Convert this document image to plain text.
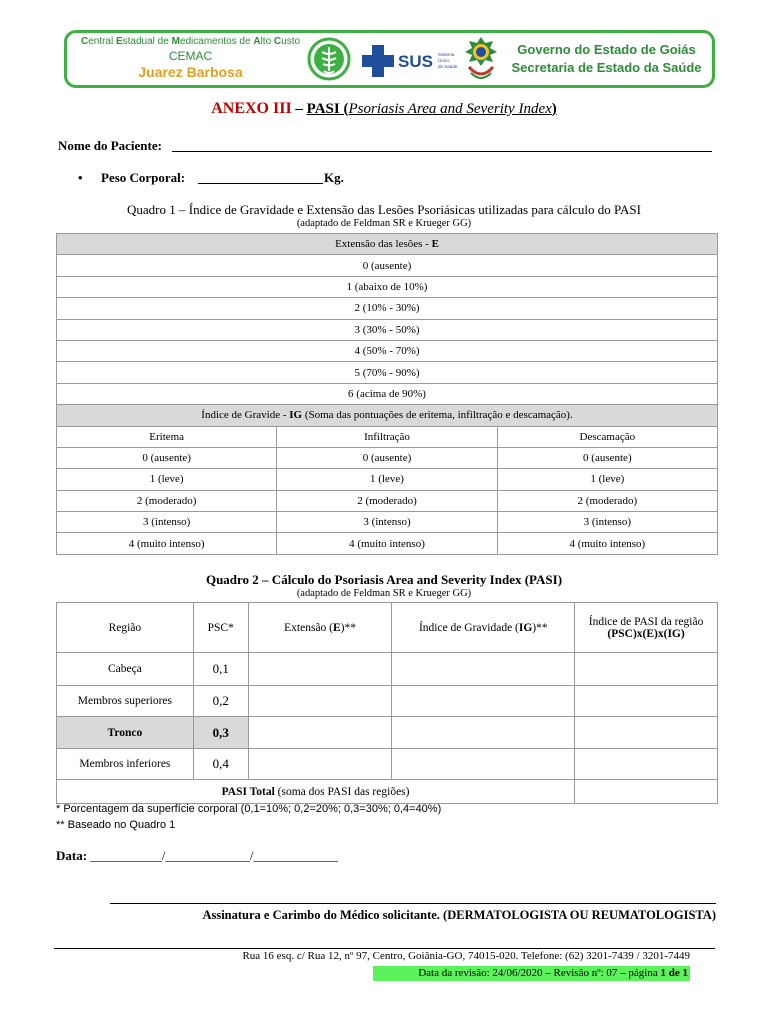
Central Estadual de Medicamentos de Alto Custo
CEMAC
Juarez Barbosa
SUS Sistema
Único
de Saúde
Governo do Estado de Goiás
Secretaria de Estado da Saúde
ANEXO III – PASI (Psoriasis Area and Severity Index)
Nome do Paciente:
• Peso Corporal:	Kg.
Quadro 1 – Índice de Gravidade e Extensão das Lesões Psoriásicas utilizadas para cálculo do PASI
(adaptado de Feldman SR e Krueger GG)
Extensão das lesões - E		
0 (ausente)		
1 (abaixo de 10%)		
2 (10% - 30%)		
3 (30% - 50%)		
4 (50% - 70%)		
5 (70% - 90%)		
6 (acima de 90%)		
Índice de Gravide - IG (Soma das pontuações de eritema, infiltração e descamação).		
Eritema	Infiltração	Descamação
0 (ausente)	0 (ausente)	0 (ausente)
1 (leve)	1 (leve)	1 (leve)
2 (moderado)	2 (moderado)	2 (moderado)
3 (intenso)	3 (intenso)	3 (intenso)
4 (muito intenso)	4 (muito intenso)	4 (muito intenso)
Quadro 2 – Cálculo do Psoriasis Area and Severity Index (PASI)
(adaptado de Feldman SR e Krueger GG)
Região	PSC*	Extensão (E)**	Índice de Gravidade (IG)**	Índice de PASI da região
(PSC)x(E)x(IG)
Cabeça	0,1			
Membros superiores	0,2			
Tronco	0,3			
Membros inferiores	0,4			
PASI Total (soma dos PASI das regiões)				
* Porcentagem da superfície corporal (0,1=10%; 0,2=20%; 0,3=30%; 0,4=40%)
** Baseado no Quadro 1
Data: ___________/_____________/_____________
Assinatura e Carimbo do Médico solicitante. (DERMATOLOGISTA OU REUMATOLOGISTA)
Rua 16 esq. c/ Rua 12, nº 97, Centro, Goiânia-GO, 74015-020. Telefone: (62) 3201-7439 / 3201-7449
Data da revisão: 24/06/2020 – Revisão nº: 07 – página 1 de 1
